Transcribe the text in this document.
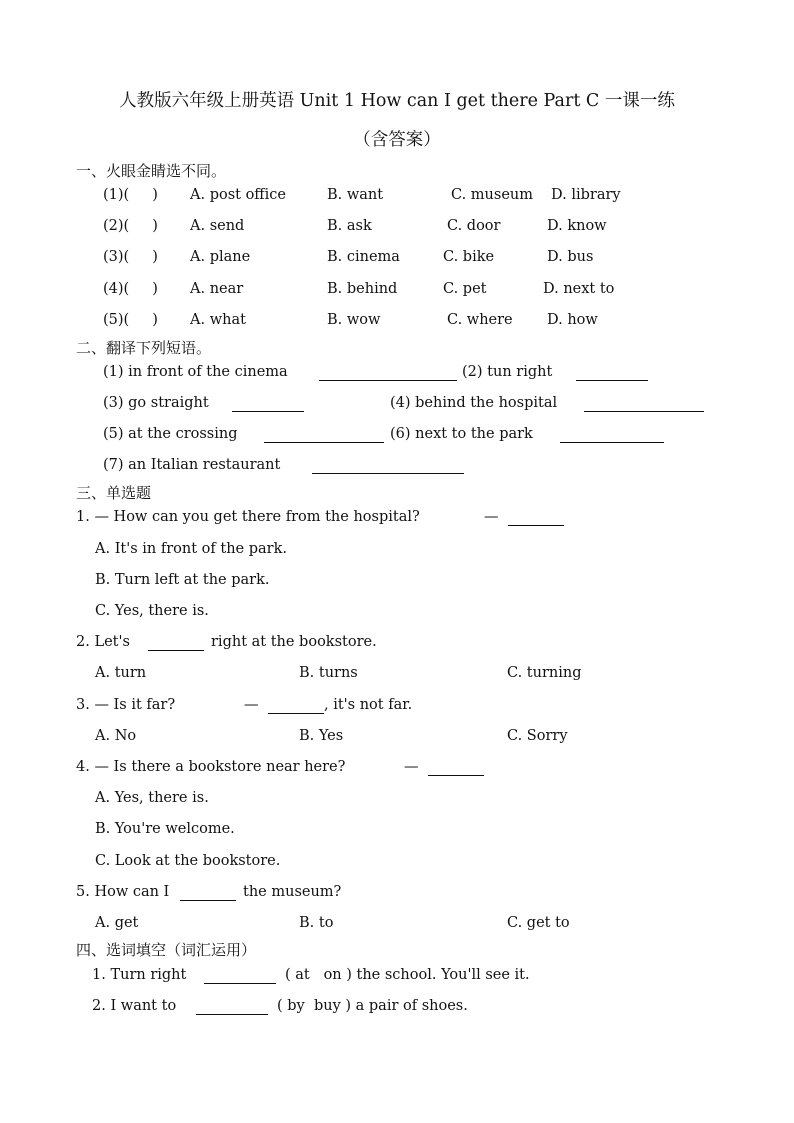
人教版六年级上册英语 Unit 1 How can I get there Part C 一课一练
（含答案）
一、火眼金睛选不同。
(1)(     ) A. post office	B. want	C. museum D. library
(2)(     ) A. send	B. ask	C. door	D. know
(3)(     ) A. plane	B. cinema	C. bike	D. bus
(4)(     ) A. near	B. behind	C. pet	D. next to
(5)(     ) A. what	B. wow	C. where D. how
二、翻译下列短语。
(1) in front of the cinema	(2) tun right
(3) go straight	(4) behind the hospital
(5) at the crossing	(6) next to the park
(7) an Italian restaurant
三、单选题
1. — How can you get there from the hospital?	—
A. It's in front of the park.
B. Turn left at the park.
C. Yes, there is.
2. Let's	right at the bookstore.
A. turn	B. turns	C. turning
3. — Is it far?	—	, it's not far.
A. No	B. Yes	C. Sorry
4. — Is there a bookstore near here?	—
A. Yes, there is.
B. You're welcome.
C. Look at the bookstore.
5. How can I	the museum?
A. get	B. to	C. get to
四、选词填空（词汇运用）
1. Turn right	( at   on ) the school. You'll see it.
2. I want to	( by  buy ) a pair of shoes.
